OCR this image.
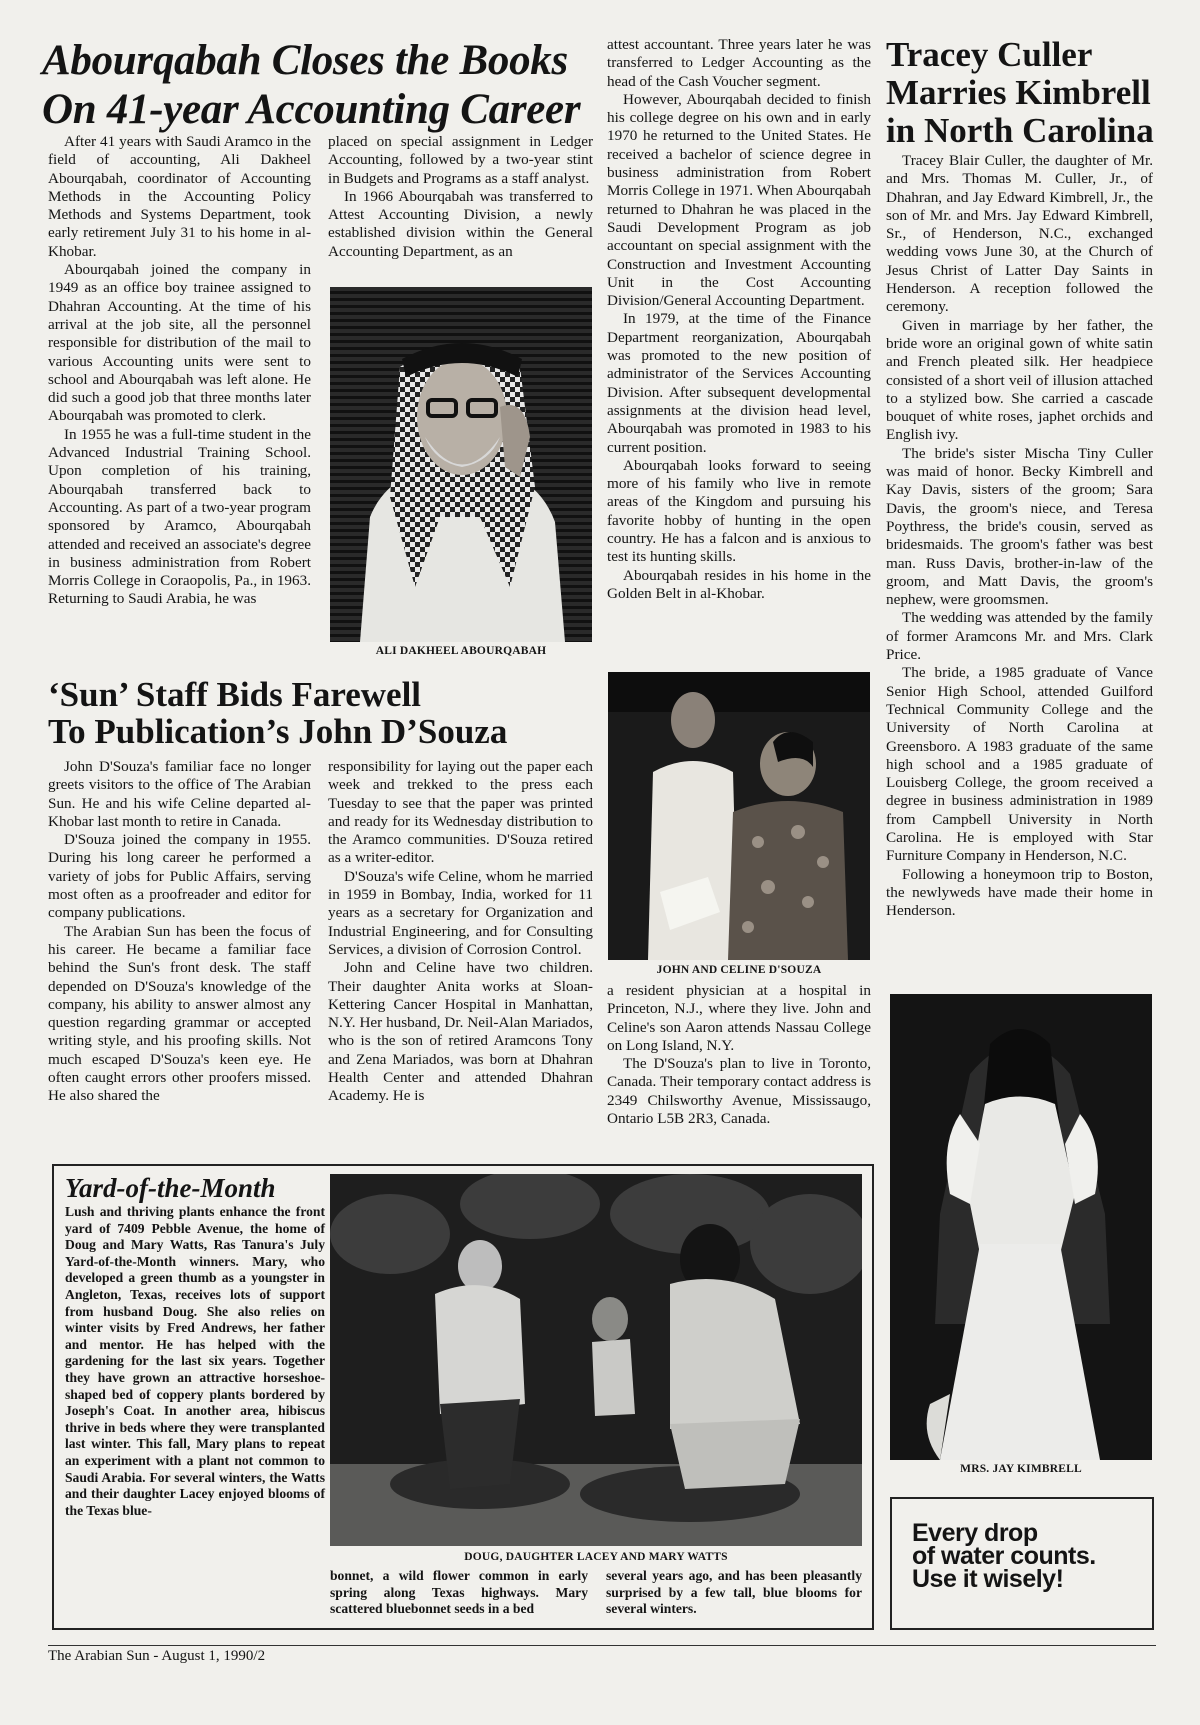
Abourqabah Closes the Books
On 41-year Accounting Career

After 41 years with Saudi Aramco in the field of accounting, Ali Dakheel Abourqabah, coordinator of Accounting Methods in the Accounting Policy Methods and Systems Department, took early retirement July 31 to his home in al-Khobar.

Abourqabah joined the company in 1949 as an office boy trainee assigned to Dhahran Accounting. At the time of his arrival at the job site, all the personnel responsible for distribution of the mail to various Accounting units were sent to school and Abourqabah was left alone. He did such a good job that three months later Abourqabah was promoted to clerk.

In 1955 he was a full-time student in the Advanced Industrial Training School. Upon completion of his training, Abourqabah transferred back to Accounting. As part of a two-year program sponsored by Aramco, Abourqabah attended and received an associate's degree in business administration from Robert Morris College in Coraopolis, Pa., in 1963. Returning to Saudi Arabia, he was

placed on special assignment in Ledger Accounting, followed by a two-year stint in Budgets and Programs as a staff analyst.

In 1966 Abourqabah was transferred to Attest Accounting Division, a newly established division within the General Accounting Department, as an

ALI DAKHEEL ABOURQABAH

attest accountant. Three years later he was transferred to Ledger Accounting as the head of the Cash Voucher segment.

However, Abourqabah decided to finish his college degree on his own and in early 1970 he returned to the United States. He received a bachelor of science degree in business administration from Robert Morris College in 1971. When Abourqabah returned to Dhahran he was placed in the Saudi Development Program as job accountant on special assignment with the Construction and Investment Accounting Unit in the Cost Accounting Division/General Accounting Department.

In 1979, at the time of the Finance Department reorganization, Abourqabah was promoted to the new position of administrator of the Services Accounting Division. After subsequent developmental assignments at the division head level, Abourqabah was promoted in 1983 to his current position.

Abourqabah looks forward to seeing more of his family who live in remote areas of the Kingdom and pursuing his favorite hobby of hunting in the open country. He has a falcon and is anxious to test its hunting skills.

Abourqabah resides in his home in the Golden Belt in al-Khobar.

‘Sun’ Staff Bids Farewell
To Publication’s John D’Souza

John D'Souza's familiar face no longer greets visitors to the office of The Arabian Sun. He and his wife Celine departed al-Khobar last month to retire in Canada.

D'Souza joined the company in 1955. During his long career he performed a variety of jobs for Public Affairs, serving most often as a proofreader and editor for company publications.

The Arabian Sun has been the focus of his career. He became a familiar face behind the Sun's front desk. The staff depended on D'Souza's knowledge of the company, his ability to answer almost any question regarding grammar or accepted writing style, and his proofing skills. Not much escaped D'Souza's keen eye. He often caught errors other proofers missed. He also shared the

responsibility for laying out the paper each week and trekked to the press each Tuesday to see that the paper was printed and ready for its Wednesday distribution to the Aramco communities. D'Souza retired as a writer-editor.

D'Souza's wife Celine, whom he married in 1959 in Bombay, India, worked for 11 years as a secretary for Organization and Industrial Engineering, and for Consulting Services, a division of Corrosion Control.

John and Celine have two children. Their daughter Anita works at Sloan-Kettering Cancer Hospital in Manhattan, N.Y. Her husband, Dr. Neil-Alan Mariados, who is the son of retired Aramcons Tony and Zena Mariados, was born at Dhahran Health Center and attended Dhahran Academy. He is

JOHN AND CELINE D'SOUZA

a resident physician at a hospital in Princeton, N.J., where they live. John and Celine's son Aaron attends Nassau College on Long Island, N.Y.

The D'Souza's plan to live in Toronto, Canada. Their temporary contact address is 2349 Chilsworthy Avenue, Mississaugo, Ontario L5B 2R3, Canada.

Tracey Culler
Marries Kimbrell
in North Carolina

Tracey Blair Culler, the daughter of Mr. and Mrs. Thomas M. Culler, Jr., of Dhahran, and Jay Edward Kimbrell, Jr., the son of Mr. and Mrs. Jay Edward Kimbrell, Sr., of Henderson, N.C., exchanged wedding vows June 30, at the Church of Jesus Christ of Latter Day Saints in Henderson. A reception followed the ceremony.

Given in marriage by her father, the bride wore an original gown of white satin and French pleated silk. Her headpiece consisted of a short veil of illusion attached to a stylized bow. She carried a cascade bouquet of white roses, japhet orchids and English ivy.

The bride's sister Mischa Tiny Culler was maid of honor. Becky Kimbrell and Kay Davis, sisters of the groom; Sara Davis, the groom's niece, and Teresa Poythress, the bride's cousin, served as bridesmaids. The groom's father was best man. Russ Davis, brother-in-law of the groom, and Matt Davis, the groom's nephew, were groomsmen.

The wedding was attended by the family of former Aramcons Mr. and Mrs. Clark Price.

The bride, a 1985 graduate of Vance Senior High School, attended Guilford Technical Community College and the University of North Carolina at Greensboro. A 1983 graduate of the same high school and a 1985 graduate of Louisberg College, the groom received a degree in business administration in 1989 from Campbell University in North Carolina. He is employed with Star Furniture Company in Henderson, N.C.

Following a honeymoon trip to Boston, the newlyweds have made their home in Henderson.

MRS. JAY KIMBRELL
Every drop
of water counts.
Use it wisely!
Yard-of-the-Month
Lush and thriving plants enhance the front yard of 7409 Pebble Avenue, the home of Doug and Mary Watts, Ras Tanura's July Yard-of-the-Month winners. Mary, who developed a green thumb as a youngster in Angleton, Texas, receives lots of support from husband Doug. She also relies on winter visits by Fred Andrews, her father and mentor. He has helped with the gardening for the last six years. Together they have grown an attractive horseshoe-shaped bed of coppery plants bordered by Joseph's Coat. In another area, hibiscus thrive in beds where they were transplanted last winter. This fall, Mary plans to repeat an experiment with a plant not common to Saudi Arabia. For several winters, the Watts and their daughter Lacey enjoyed blooms of the Texas blue-
DOUG, DAUGHTER LACEY AND MARY WATTS
bonnet, a wild flower common in early spring along Texas highways. Mary scattered bluebonnet seeds in a bed
several years ago, and has been pleasantly surprised by a few tall, blue blooms for several winters.
The Arabian Sun - August 1, 1990/2
